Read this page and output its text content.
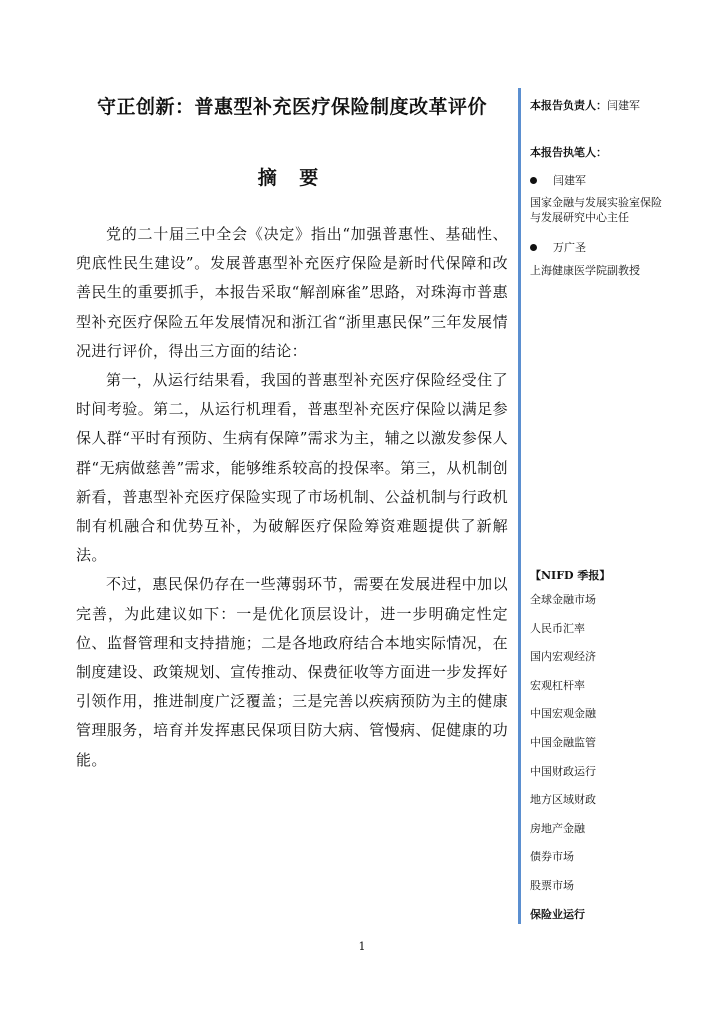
守正创新：普惠型补充医疗保险制度改革评价
摘 要

党的二十届三中全会《决定》指出“加强普惠性、基础性、兜底性民生建设”。发展普惠型补充医疗保险是新时代保障和改善民生的重要抓手，本报告采取“解剖麻雀”思路，对珠海市普惠型补充医疗保险五年发展情况和浙江省“浙里惠民保”三年发展情况进行评价，得出三方面的结论：

第一，从运行结果看，我国的普惠型补充医疗保险经受住了时间考验。第二，从运行机理看，普惠型补充医疗保险以满足参保人群“平时有预防、生病有保障”需求为主，辅之以激发参保人群“无病做慈善”需求，能够维系较高的投保率。第三，从机制创新看，普惠型补充医疗保险实现了市场机制、公益机制与行政机制有机融合和优势互补，为破解医疗保险筹资难题提供了新解法。

不过，惠民保仍存在一些薄弱环节，需要在发展进程中加以完善，为此建议如下：一是优化顶层设计，进一步明确定性定位、监督管理和支持措施；二是各地政府结合本地实际情况，在制度建设、政策规划、宣传推动、保费征收等方面进一步发挥好引领作用，推进制度广泛覆盖；三是完善以疾病预防为主的健康管理服务，培育并发挥惠民保项目防大病、管慢病、促健康的功能。

本报告负责人：闫建军

本报告执笔人：

闫建军

国家金融与发展实验室保险与发展研究中心主任

万广圣

上海健康医学院副教授

【NIFD 季报】
全球金融市场
人民币汇率
国内宏观经济
宏观杠杆率
中国宏观金融
中国金融监管
中国财政运行
地方区域财政
房地产金融
债券市场
股票市场
保险业运行
1
